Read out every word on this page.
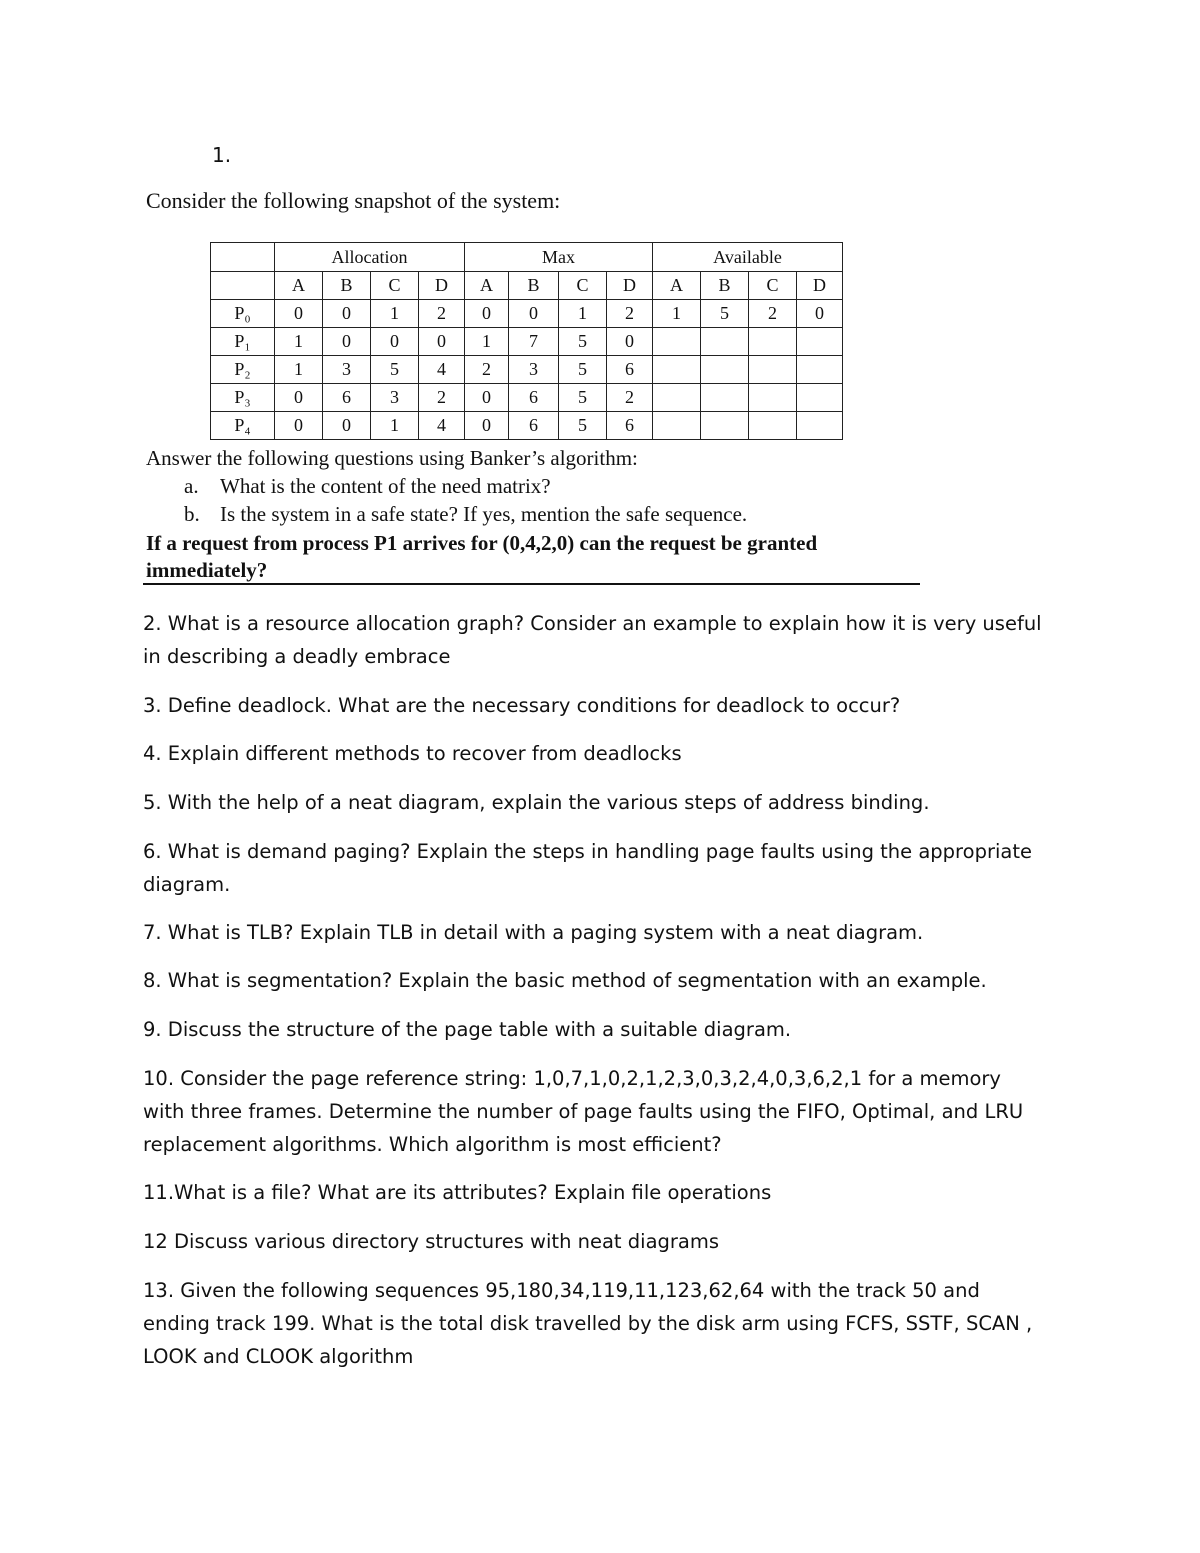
1.
Consider the following snapshot of the system:
	Allocation				Max				Available			
	A	B	C	D	A	B	C	D	A	B	C	D
P₀	0	0	1	2	0	0	1	2	1	5	2	0
P₁	1	0	0	0	1	7	5	0				
P₂	1	3	5	4	2	3	5	6				
P₃	0	6	3	2	0	6	5	2				
P₄	0	0	1	4	0	6	5	6				
Answer the following questions using Banker’s algorithm:
a. What is the content of the need matrix?
b. Is the system in a safe state? If yes, mention the safe sequence.
If a request from process P1 arrives for (0,4,2,0) can the request be granted immediately?
2. What is a resource allocation graph? Consider an example to explain how it is very useful in describing a deadly embrace
3. Define deadlock. What are the necessary conditions for deadlock to occur?
4. Explain different methods to recover from deadlocks
5. With the help of a neat diagram, explain the various steps of address binding.
6. What is demand paging? Explain the steps in handling page faults using the appropriate diagram.
7. What is TLB? Explain TLB in detail with a paging system with a neat diagram.
8. What is segmentation? Explain the basic method of segmentation with an example.
9. Discuss the structure of the page table with a suitable diagram.
10. Consider the page reference string: 1,0,7,1,0,2,1,2,3,0,3,2,4,0,3,6,2,1 for a memory with three frames. Determine the number of page faults using the FIFO, Optimal, and LRU replacement algorithms. Which algorithm is most efficient?
11.What is a file? What are its attributes? Explain file operations
12 Discuss various directory structures with neat diagrams
13. Given the following sequences 95,180,34,119,11,123,62,64 with the track 50 and ending track 199. What is the total disk travelled by the disk arm using FCFS, SSTF, SCAN , LOOK and CLOOK algorithm
